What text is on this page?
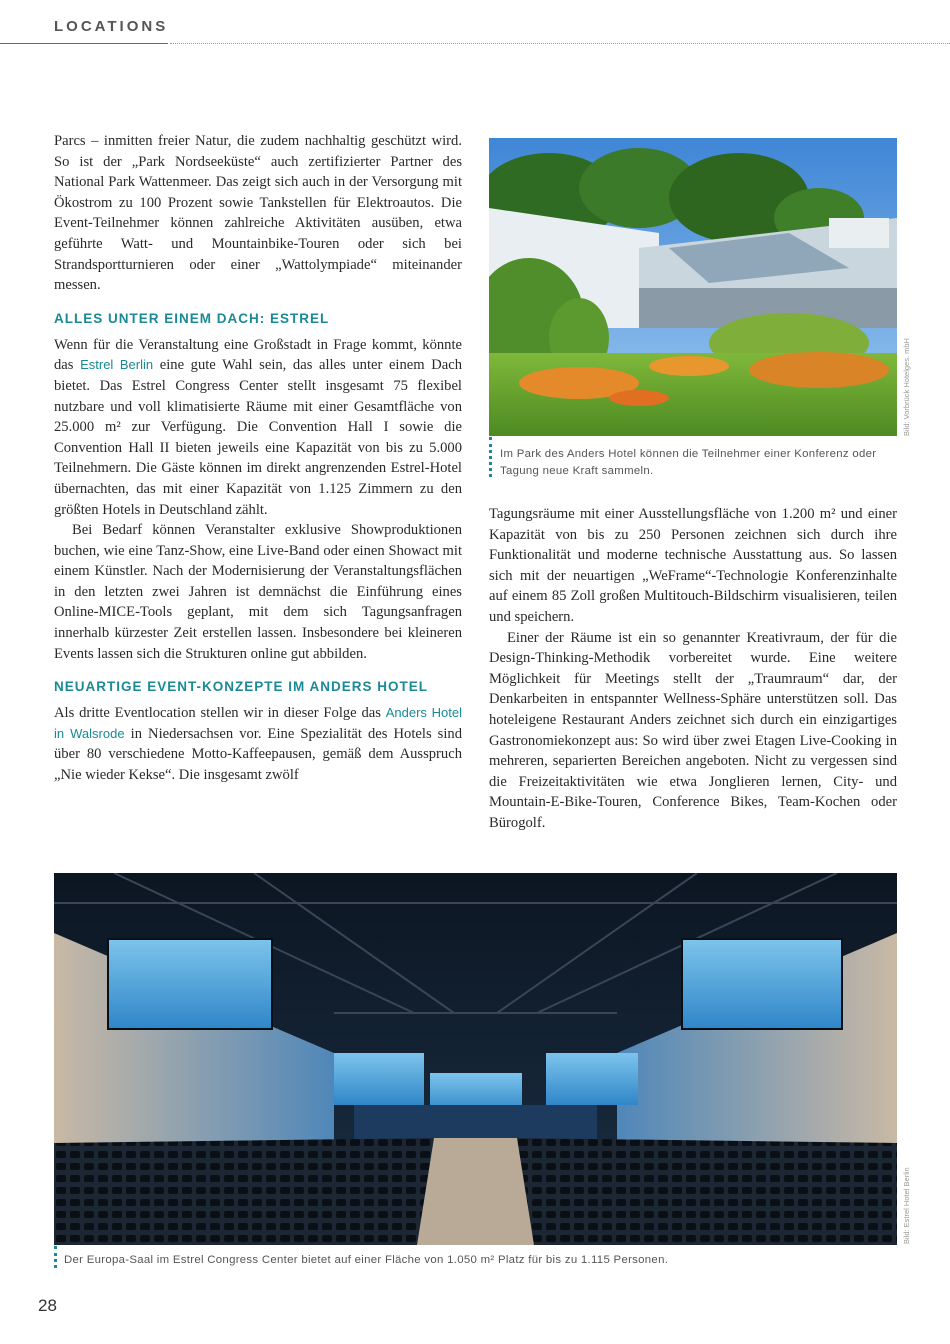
LOCATIONS

Parcs – inmitten freier Natur, die zudem nachhaltig geschützt wird. So ist der „Park Nordseeküste“ auch zertifizierter Partner des National Park Wattenmeer. Das zeigt sich auch in der Versorgung mit Ökostrom zu 100 Prozent sowie Tankstellen für Elektroautos. Die Event-Teilnehmer können zahlreiche Aktivitäten ausüben, etwa geführte Watt- und Mountainbike-Touren oder sich bei Strandsportturnieren oder einer „Wattolympiade“ miteinander messen.

ALLES UNTER EINEM DACH: ESTREL

Wenn für die Veranstaltung eine Großstadt in Frage kommt, könnte das Estrel Berlin eine gute Wahl sein, das alles unter einem Dach bietet. Das Estrel Congress Center stellt insgesamt 75 flexibel nutzbare und voll klimatisierte Räume mit einer Gesamtfläche von 25.000 m² zur Verfügung. Die Convention Hall I sowie die Convention Hall II bieten jeweils eine Kapazität von bis zu 5.000 Teilnehmern. Die Gäste können im direkt angrenzenden Estrel-Hotel übernachten, das mit einer Kapazität von 1.125 Zimmern zu den größten Hotels in Deutschland zählt.

Bei Bedarf können Veranstalter exklusive Showproduktionen buchen, wie eine Tanz-Show, eine Live-Band oder einen Showact mit einem Künstler. Nach der Modernisierung der Veranstaltungsflächen in den letzten zwei Jahren ist demnächst die Einführung eines Online-MICE-Tools geplant, mit dem sich Tagungsanfragen innerhalb kürzester Zeit erstellen lassen. Insbesondere bei kleineren Events lassen sich die Strukturen online gut abbilden.

NEUARTIGE EVENT-KONZEPTE IM ANDERS HOTEL

Als dritte Eventlocation stellen wir in dieser Folge das Anders Hotel in Walsrode in Niedersachsen vor. Eine Spezialität des Hotels sind über 80 verschiedene Motto-Kaffeepausen, gemäß dem Ausspruch „Nie wieder Kekse“. Die insgesamt zwölf

Im Park des Anders Hotel können die Teilnehmer einer Konferenz oder Tagung neue Kraft sammeln.
Bild: Vorbrück Hotelges. mbH

Tagungsräume mit einer Ausstellungsfläche von 1.200 m² und einer Kapazität von bis zu 250 Personen zeichnen sich durch ihre Funktionalität und moderne technische Ausstattung aus. So lassen sich mit der neuartigen „WeFrame“-Technologie Konferenzinhalte auf einem 85 Zoll großen Multitouch-Bildschirm visualisieren, teilen und speichern.

Einer der Räume ist ein so genannter Kreativraum, der für die Design-Thinking-Methodik vorbereitet wurde. Eine weitere Möglichkeit für Meetings stellt der „Traumraum“ dar, der Denkarbeiten in entspannter Wellness-Sphäre unterstützen soll. Das hoteleigene Restaurant Anders zeichnet sich durch ein einzigartiges Gastronomiekonzept aus: So wird über zwei Etagen Live-Cooking in mehreren, separierten Bereichen angeboten. Nicht zu vergessen sind die Freizeitaktivitäten wie etwa Jonglieren lernen, City- und Mountain-E-Bike-Touren, Conference Bikes, Team-Kochen oder Bürogolf.

Der Europa-Saal im Estrel Congress Center bietet auf einer Fläche von 1.050 m² Platz für bis zu 1.115 Personen.
Bild: Estrel Hotel Berlin
28
